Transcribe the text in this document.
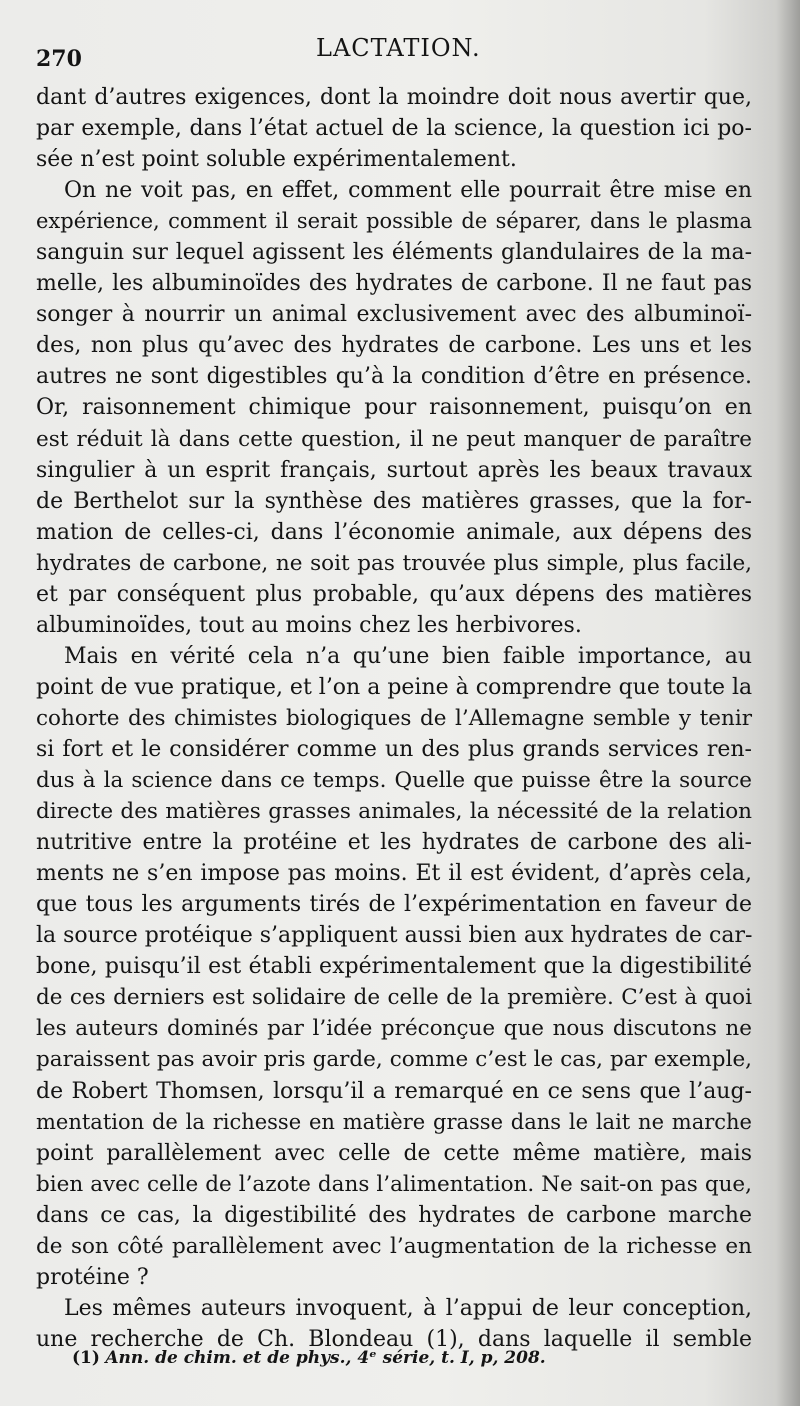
270	LACTATION.
dant d’autres exigences, dont la moindre doit nous avertir que,
par exemple, dans l’état actuel de la science, la question ici po-
sée n’est point soluble expérimentalement.
On ne voit pas, en effet, comment elle pourrait être mise en
expérience, comment il serait possible de séparer, dans le plasma
sanguin sur lequel agissent les éléments glandulaires de la ma-
melle, les albuminoïdes des hydrates de carbone. Il ne faut pas
songer à nourrir un animal exclusivement avec des albuminoï-
des, non plus qu’avec des hydrates de carbone. Les uns et les
autres ne sont digestibles qu’à la condition d’être en présence.
Or, raisonnement chimique pour raisonnement, puisqu’on en
est réduit là dans cette question, il ne peut manquer de paraître
singulier à un esprit français, surtout après les beaux travaux
de Berthelot sur la synthèse des matières grasses, que la for-
mation de celles-ci, dans l’économie animale, aux dépens des
hydrates de carbone, ne soit pas trouvée plus simple, plus facile,
et par conséquent plus probable, qu’aux dépens des matières
albuminoïdes, tout au moins chez les herbivores.
Mais en vérité cela n’a qu’une bien faible importance, au
point de vue pratique, et l’on a peine à comprendre que toute la
cohorte des chimistes biologiques de l’Allemagne semble y tenir
si fort et le considérer comme un des plus grands services ren-
dus à la science dans ce temps. Quelle que puisse être la source
directe des matières grasses animales, la nécessité de la relation
nutritive entre la protéine et les hydrates de carbone des ali-
ments ne s’en impose pas moins. Et il est évident, d’après cela,
que tous les arguments tirés de l’expérimentation en faveur de
la source protéique s’appliquent aussi bien aux hydrates de car-
bone, puisqu’il est établi expérimentalement que la digestibilité
de ces derniers est solidaire de celle de la première. C’est à quoi
les auteurs dominés par l’idée préconçue que nous discutons ne
paraissent pas avoir pris garde, comme c’est le cas, par exemple,
de Robert Thomsen, lorsqu’il a remarqué en ce sens que l’aug-
mentation de la richesse en matière grasse dans le lait ne marche
point parallèlement avec celle de cette même matière, mais
bien avec celle de l’azote dans l’alimentation. Ne sait-on pas que,
dans ce cas, la digestibilité des hydrates de carbone marche
de son côté parallèlement avec l’augmentation de la richesse en
protéine ?
Les mêmes auteurs invoquent, à l’appui de leur conception,
une recherche de Ch. Blondeau (1), dans laquelle il semble
(1) Ann. de chim. et de phys., 4ᵉ série, t. I, p, 208.
